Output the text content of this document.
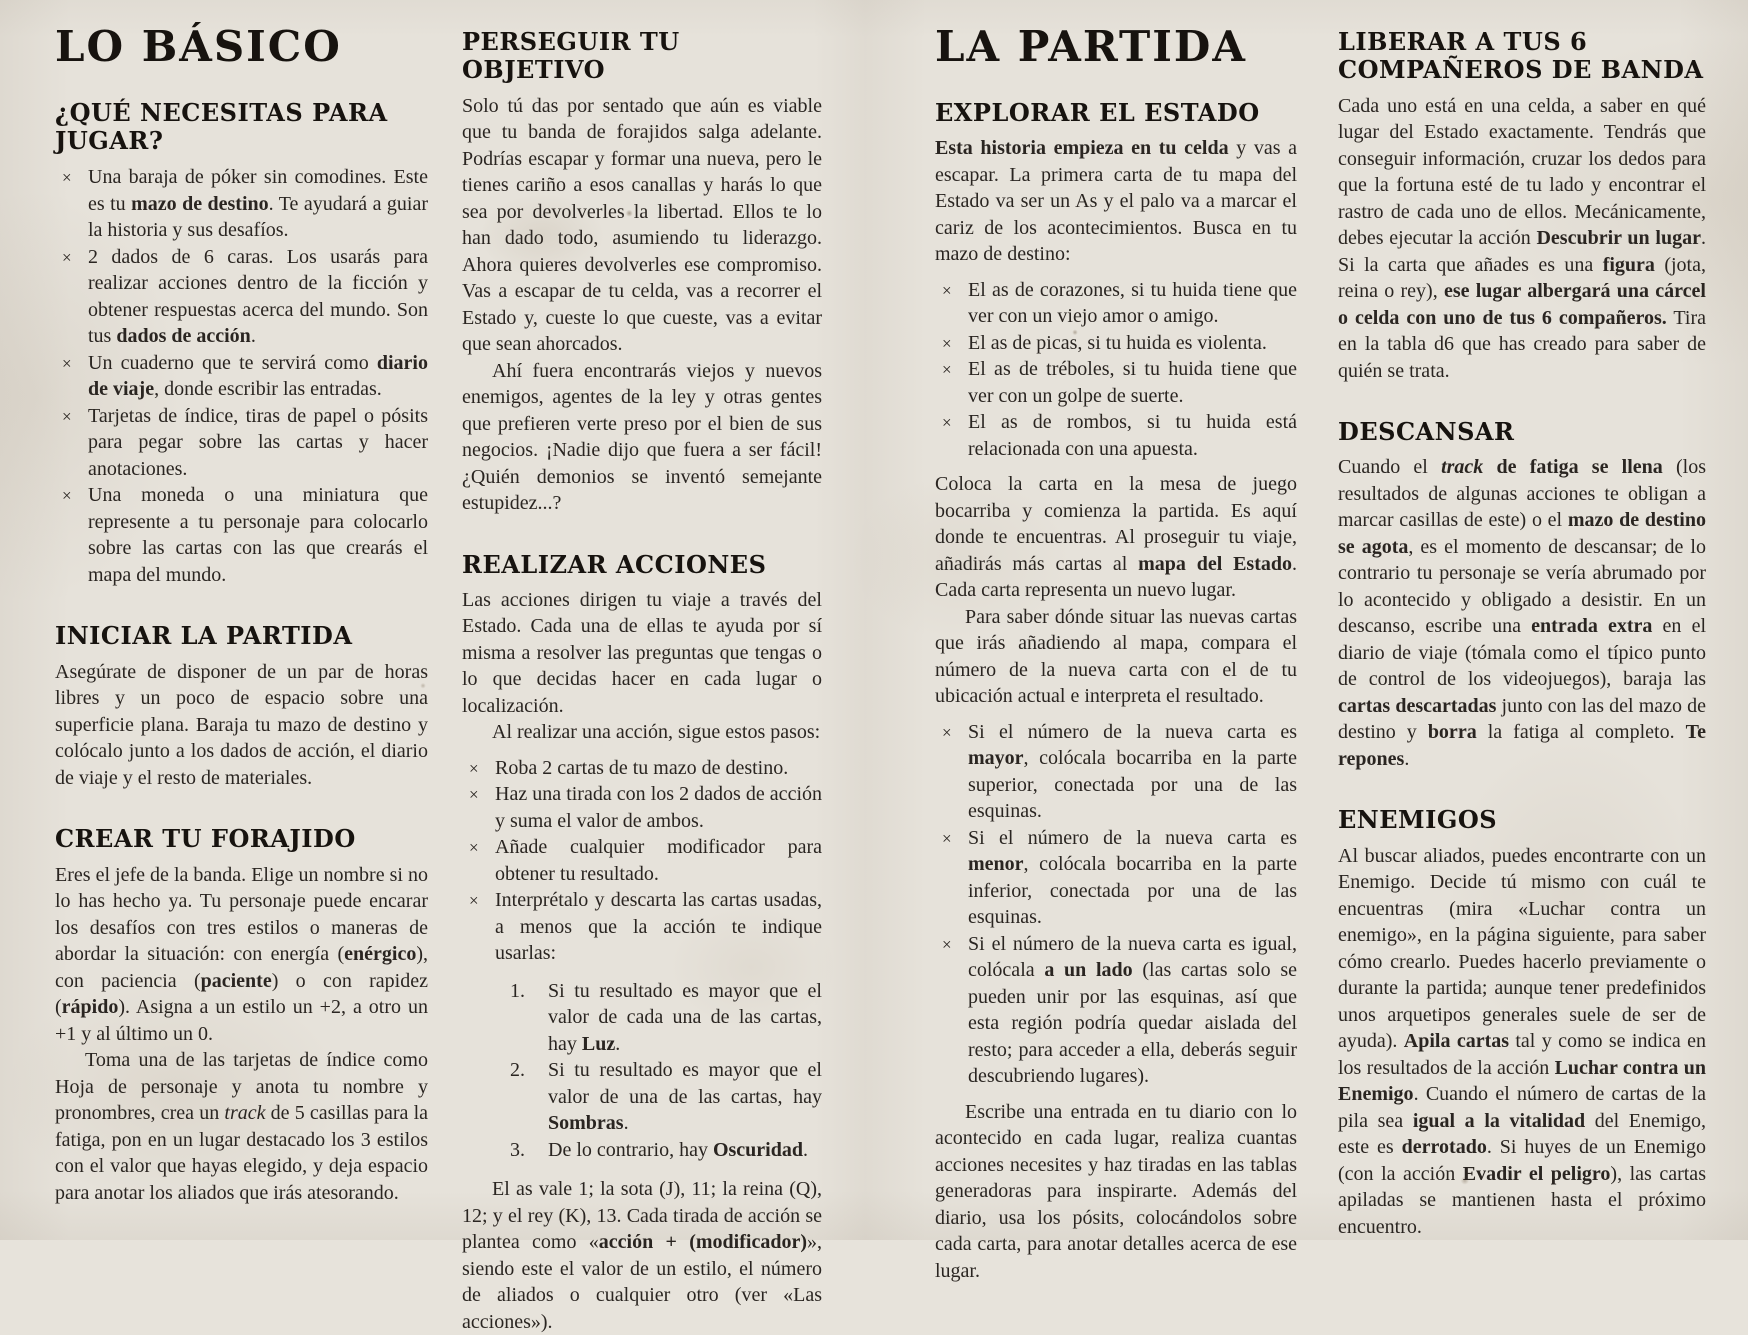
LO BÁSICO
¿QUÉ NECESITAS PARA JUGAR?
× Una baraja de póker sin comodines. Este es tu mazo de destino. Te ayudará a guiar la historia y sus desafíos.
× 2 dados de 6 caras. Los usarás para realizar acciones dentro de la ficción y obtener respuestas acerca del mundo. Son tus dados de acción.
× Un cuaderno que te servirá como diario de viaje, donde escribir las entradas.
× Tarjetas de índice, tiras de papel o pósits para pegar sobre las cartas y hacer anotaciones.
× Una moneda o una miniatura que represente a tu personaje para colocarlo sobre las cartas con las que crearás el mapa del mundo.
INICIAR LA PARTIDA
Asegúrate de disponer de un par de horas libres y un poco de espacio sobre una superficie plana. Baraja tu mazo de destino y colócalo junto a los dados de acción, el diario de viaje y el resto de materiales.
CREAR TU FORAJIDO
Eres el jefe de la banda. Elige un nombre si no lo has hecho ya. Tu personaje puede encarar los desafíos con tres estilos o maneras de abordar la situación: con energía (enérgico), con paciencia (paciente) o con rapidez (rápido). Asigna a un estilo un +2, a otro un +1 y al último un 0.
Toma una de las tarjetas de índice como Hoja de personaje y anota tu nombre y pronombres, crea un track de 5 casillas para la fatiga, pon en un lugar destacado los 3 estilos con el valor que hayas elegido, y deja espacio para anotar los aliados que irás atesorando.
PERSEGUIR TU OBJETIVO
Solo tú das por sentado que aún es viable que tu banda de forajidos salga adelante. Podrías escapar y formar una nueva, pero le tienes cariño a esos canallas y harás lo que sea por devolverles la libertad. Ellos te lo han dado todo, asumiendo tu liderazgo. Ahora quieres devolverles ese compromiso. Vas a escapar de tu celda, vas a recorrer el Estado y, cueste lo que cueste, vas a evitar que sean ahorcados.
Ahí fuera encontrarás viejos y nuevos enemigos, agentes de la ley y otras gentes que prefieren verte preso por el bien de sus negocios. ¡Nadie dijo que fuera a ser fácil! ¿Quién demonios se inventó semejante estupidez...?
REALIZAR ACCIONES
Las acciones dirigen tu viaje a través del Estado. Cada una de ellas te ayuda por sí misma a resolver las preguntas que tengas o lo que decidas hacer en cada lugar o localización.
Al realizar una acción, sigue estos pasos:
× Roba 2 cartas de tu mazo de destino.
× Haz una tirada con los 2 dados de acción y suma el valor de ambos.
× Añade cualquier modificador para obtener tu resultado.
× Interprétalo y descarta las cartas usadas, a menos que la acción te indique usarlas:
1. Si tu resultado es mayor que el valor de cada una de las cartas, hay Luz.
2. Si tu resultado es mayor que el valor de una de las cartas, hay Sombras.
3. De lo contrario, hay Oscuridad.
El as vale 1; la sota (J), 11; la reina (Q), 12; y el rey (K), 13. Cada tirada de acción se plantea como «acción + (modificador)», siendo este el valor de un estilo, el número de aliados o cualquier otro (ver «Las acciones»).
LA PARTIDA
EXPLORAR EL ESTADO
Esta historia empieza en tu celda y vas a escapar. La primera carta de tu mapa del Estado va ser un As y el palo va a marcar el cariz de los acontecimientos. Busca en tu mazo de destino:
× El as de corazones, si tu huida tiene que ver con un viejo amor o amigo.
× El as de picas, si tu huida es violenta.
× El as de tréboles, si tu huida tiene que ver con un golpe de suerte.
× El as de rombos, si tu huida está relacionada con una apuesta.
Coloca la carta en la mesa de juego bocarriba y comienza la partida. Es aquí donde te encuentras. Al proseguir tu viaje, añadirás más cartas al mapa del Estado. Cada carta representa un nuevo lugar.
Para saber dónde situar las nuevas cartas que irás añadiendo al mapa, compara el número de la nueva carta con el de tu ubicación actual e interpreta el resultado.
× Si el número de la nueva carta es mayor, colócala bocarriba en la parte superior, conectada por una de las esquinas.
× Si el número de la nueva carta es menor, colócala bocarriba en la parte inferior, conectada por una de las esquinas.
× Si el número de la nueva carta es igual, colócala a un lado (las cartas solo se pueden unir por las esquinas, así que esta región podría quedar aislada del resto; para acceder a ella, deberás seguir descubriendo lugares).
Escribe una entrada en tu diario con lo acontecido en cada lugar, realiza cuantas acciones necesites y haz tiradas en las tablas generadoras para inspirarte. Además del diario, usa los pósits, colocándolos sobre cada carta, para anotar detalles acerca de ese lugar.
LIBERAR A TUS 6 COMPAÑEROS DE BANDA
Cada uno está en una celda, a saber en qué lugar del Estado exactamente. Tendrás que conseguir información, cruzar los dedos para que la fortuna esté de tu lado y encontrar el rastro de cada uno de ellos. Mecánicamente, debes ejecutar la acción Descubrir un lugar. Si la carta que añades es una figura (jota, reina o rey), ese lugar albergará una cárcel o celda con uno de tus 6 compañeros. Tira en la tabla d6 que has creado para saber de quién se trata.
DESCANSAR
Cuando el track de fatiga se llena (los resultados de algunas acciones te obligan a marcar casillas de este) o el mazo de destino se agota, es el momento de descansar; de lo contrario tu personaje se vería abrumado por lo acontecido y obligado a desistir. En un descanso, escribe una entrada extra en el diario de viaje (tómala como el típico punto de control de los videojuegos), baraja las cartas descartadas junto con las del mazo de destino y borra la fatiga al completo. Te repones.
ENEMIGOS
Al buscar aliados, puedes encontrarte con un Enemigo. Decide tú mismo con cuál te encuentras (mira «Luchar contra un enemigo», en la página siguiente, para saber cómo crearlo. Puedes hacerlo previamente o durante la partida; aunque tener predefinidos unos arquetipos generales suele de ser de ayuda). Apila cartas tal y como se indica en los resultados de la acción Luchar contra un Enemigo. Cuando el número de cartas de la pila sea igual a la vitalidad del Enemigo, este es derrotado. Si huyes de un Enemigo (con la acción Evadir el peligro), las cartas apiladas se mantienen hasta el próximo encuentro.
